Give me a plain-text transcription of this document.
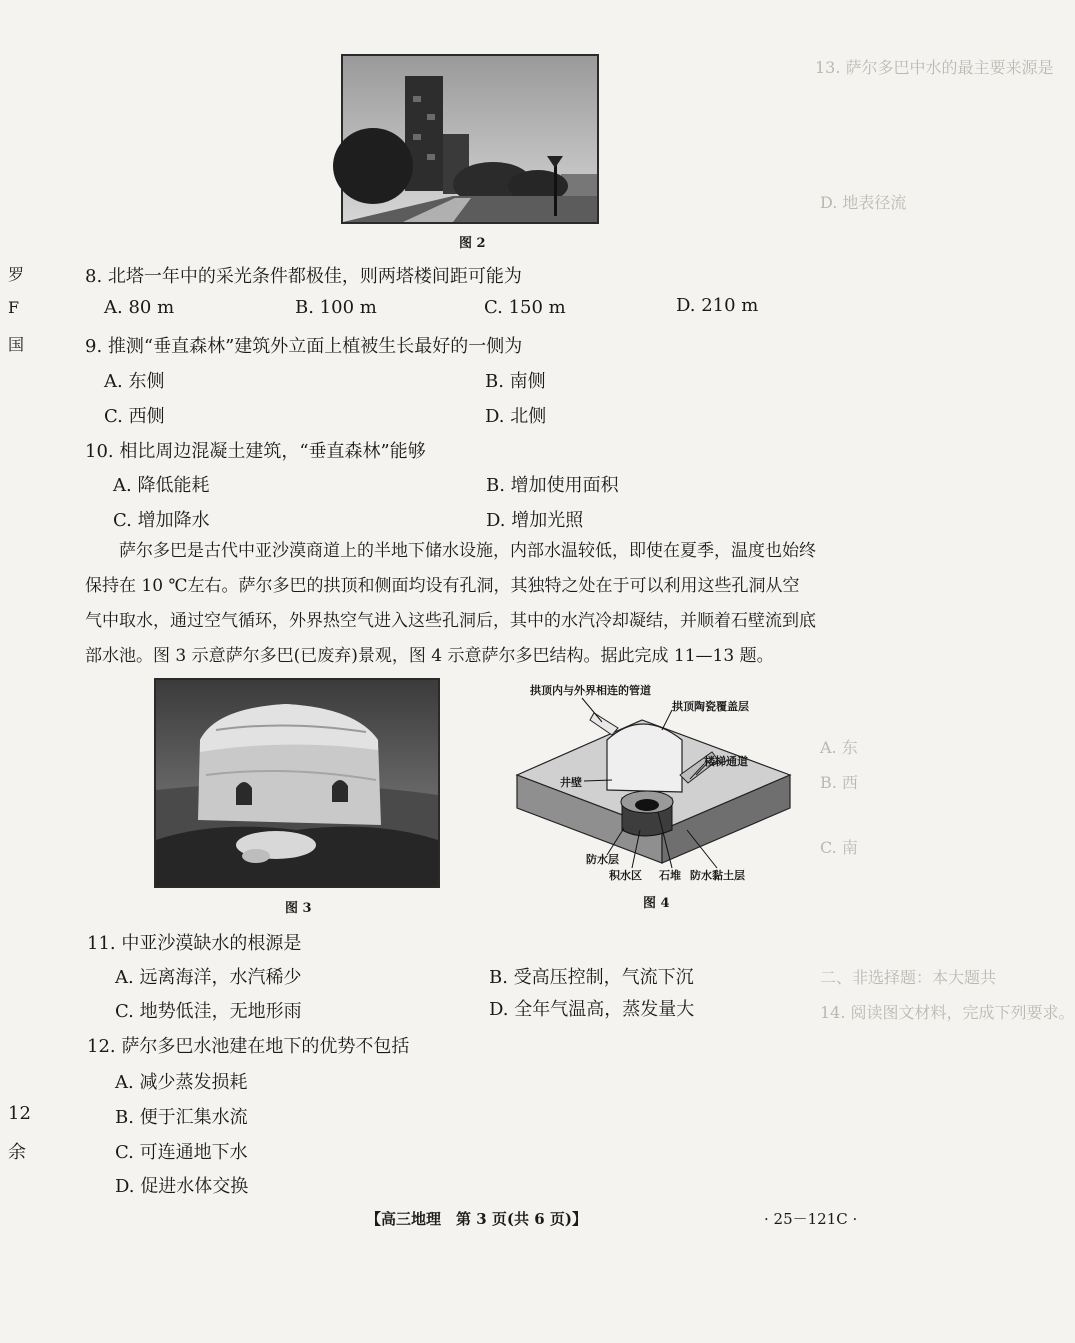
13. 萨尔多巴中水的最主要来源是
D. 地表径流
A. 东
B. 西
C. 南
二、非选择题：本大题共
14. 阅读图文材料，完成下列要求。
罗
F
国
12
余
图 2
8. 北塔一年中的采光条件都极佳，则两塔楼间距可能为
A. 80 m	B. 100 m	C. 150 m	D. 210 m
9. 推测“垂直森林”建筑外立面上植被生长最好的一侧为
A. 东侧	B. 南侧
C. 西侧	D. 北侧
10. 相比周边混凝土建筑，“垂直森林”能够
A. 降低能耗	B. 增加使用面积
C. 增加降水	D. 增加光照
萨尔多巴是古代中亚沙漠商道上的半地下储水设施，内部水温较低，即使在夏季，温度也始终
保持在 10 ℃左右。萨尔多巴的拱顶和侧面均设有孔洞，其独特之处在于可以利用这些孔洞从空
气中取水，通过空气循环，外界热空气进入这些孔洞后，其中的水汽冷却凝结，并顺着石壁流到底
部水池。图 3 示意萨尔多巴(已废弃)景观，图 4 示意萨尔多巴结构。据此完成 11—13 题。
图 3
拱顶内与外界相连的管道
拱顶陶瓷覆盖层
楼梯通道
井壁
防水层
积水区 石堆 防水黏土层
图 4
11. 中亚沙漠缺水的根源是
A. 远离海洋，水汽稀少	B. 受高压控制，气流下沉
C. 地势低洼，无地形雨	D. 全年气温高，蒸发量大
12. 萨尔多巴水池建在地下的优势不包括
A. 减少蒸发损耗
B. 便于汇集水流
C. 可连通地下水
D. 促进水体交换
【高三地理　第 3 页(共 6 页)】	· 25－121C ·
